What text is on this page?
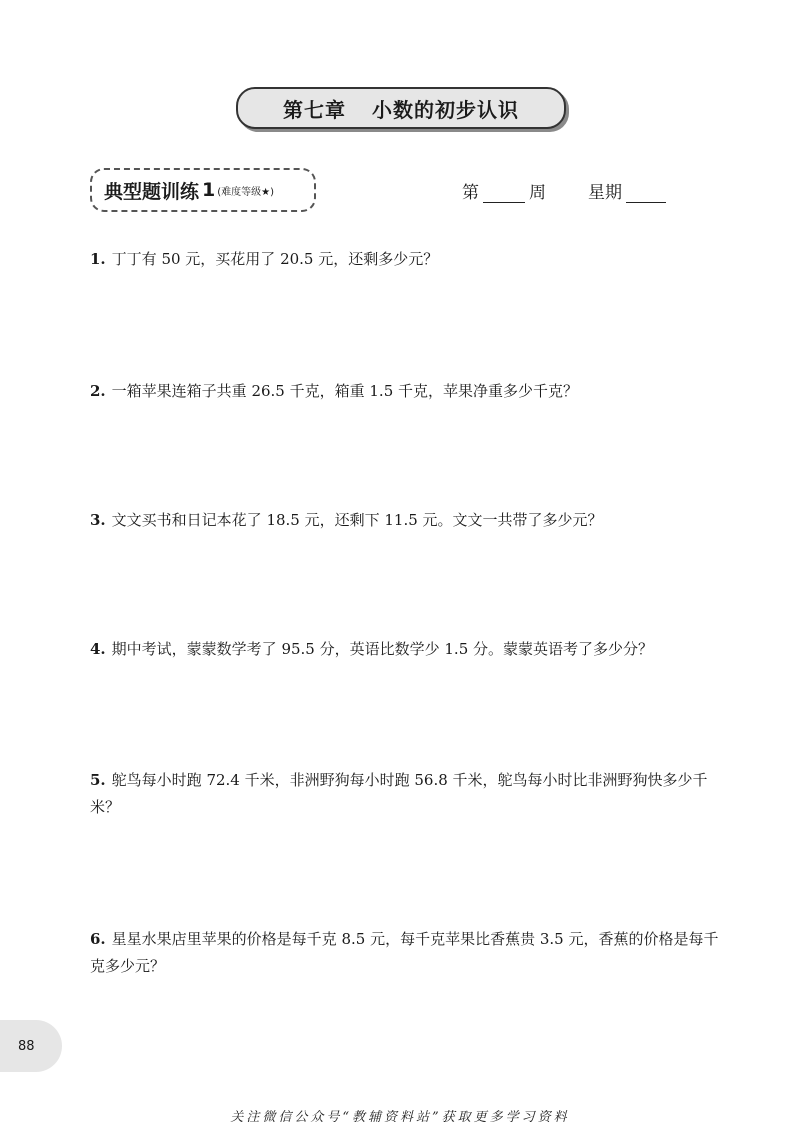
第七章 小数的初步认识
典型题训练 1 (难度等级★)	第	周 星期
1. 丁丁有 50 元，买花用了 20.5 元，还剩多少元？
2. 一箱苹果连箱子共重 26.5 千克，箱重 1.5 千克，苹果净重多少千克？
3. 文文买书和日记本花了 18.5 元，还剩下 11.5 元。文文一共带了多少元？
4. 期中考试，蒙蒙数学考了 95.5 分，英语比数学少 1.5 分。蒙蒙英语考了多少分？
5. 鸵鸟每小时跑 72.4 千米，非洲野狗每小时跑 56.8 千米，鸵鸟每小时比非洲野狗快多少千米？
6. 星星水果店里苹果的价格是每千克 8.5 元，每千克苹果比香蕉贵 3.5 元，香蕉的价格是每千克多少元？
88
关注微信公众号“教辅资料站”获取更多学习资料
